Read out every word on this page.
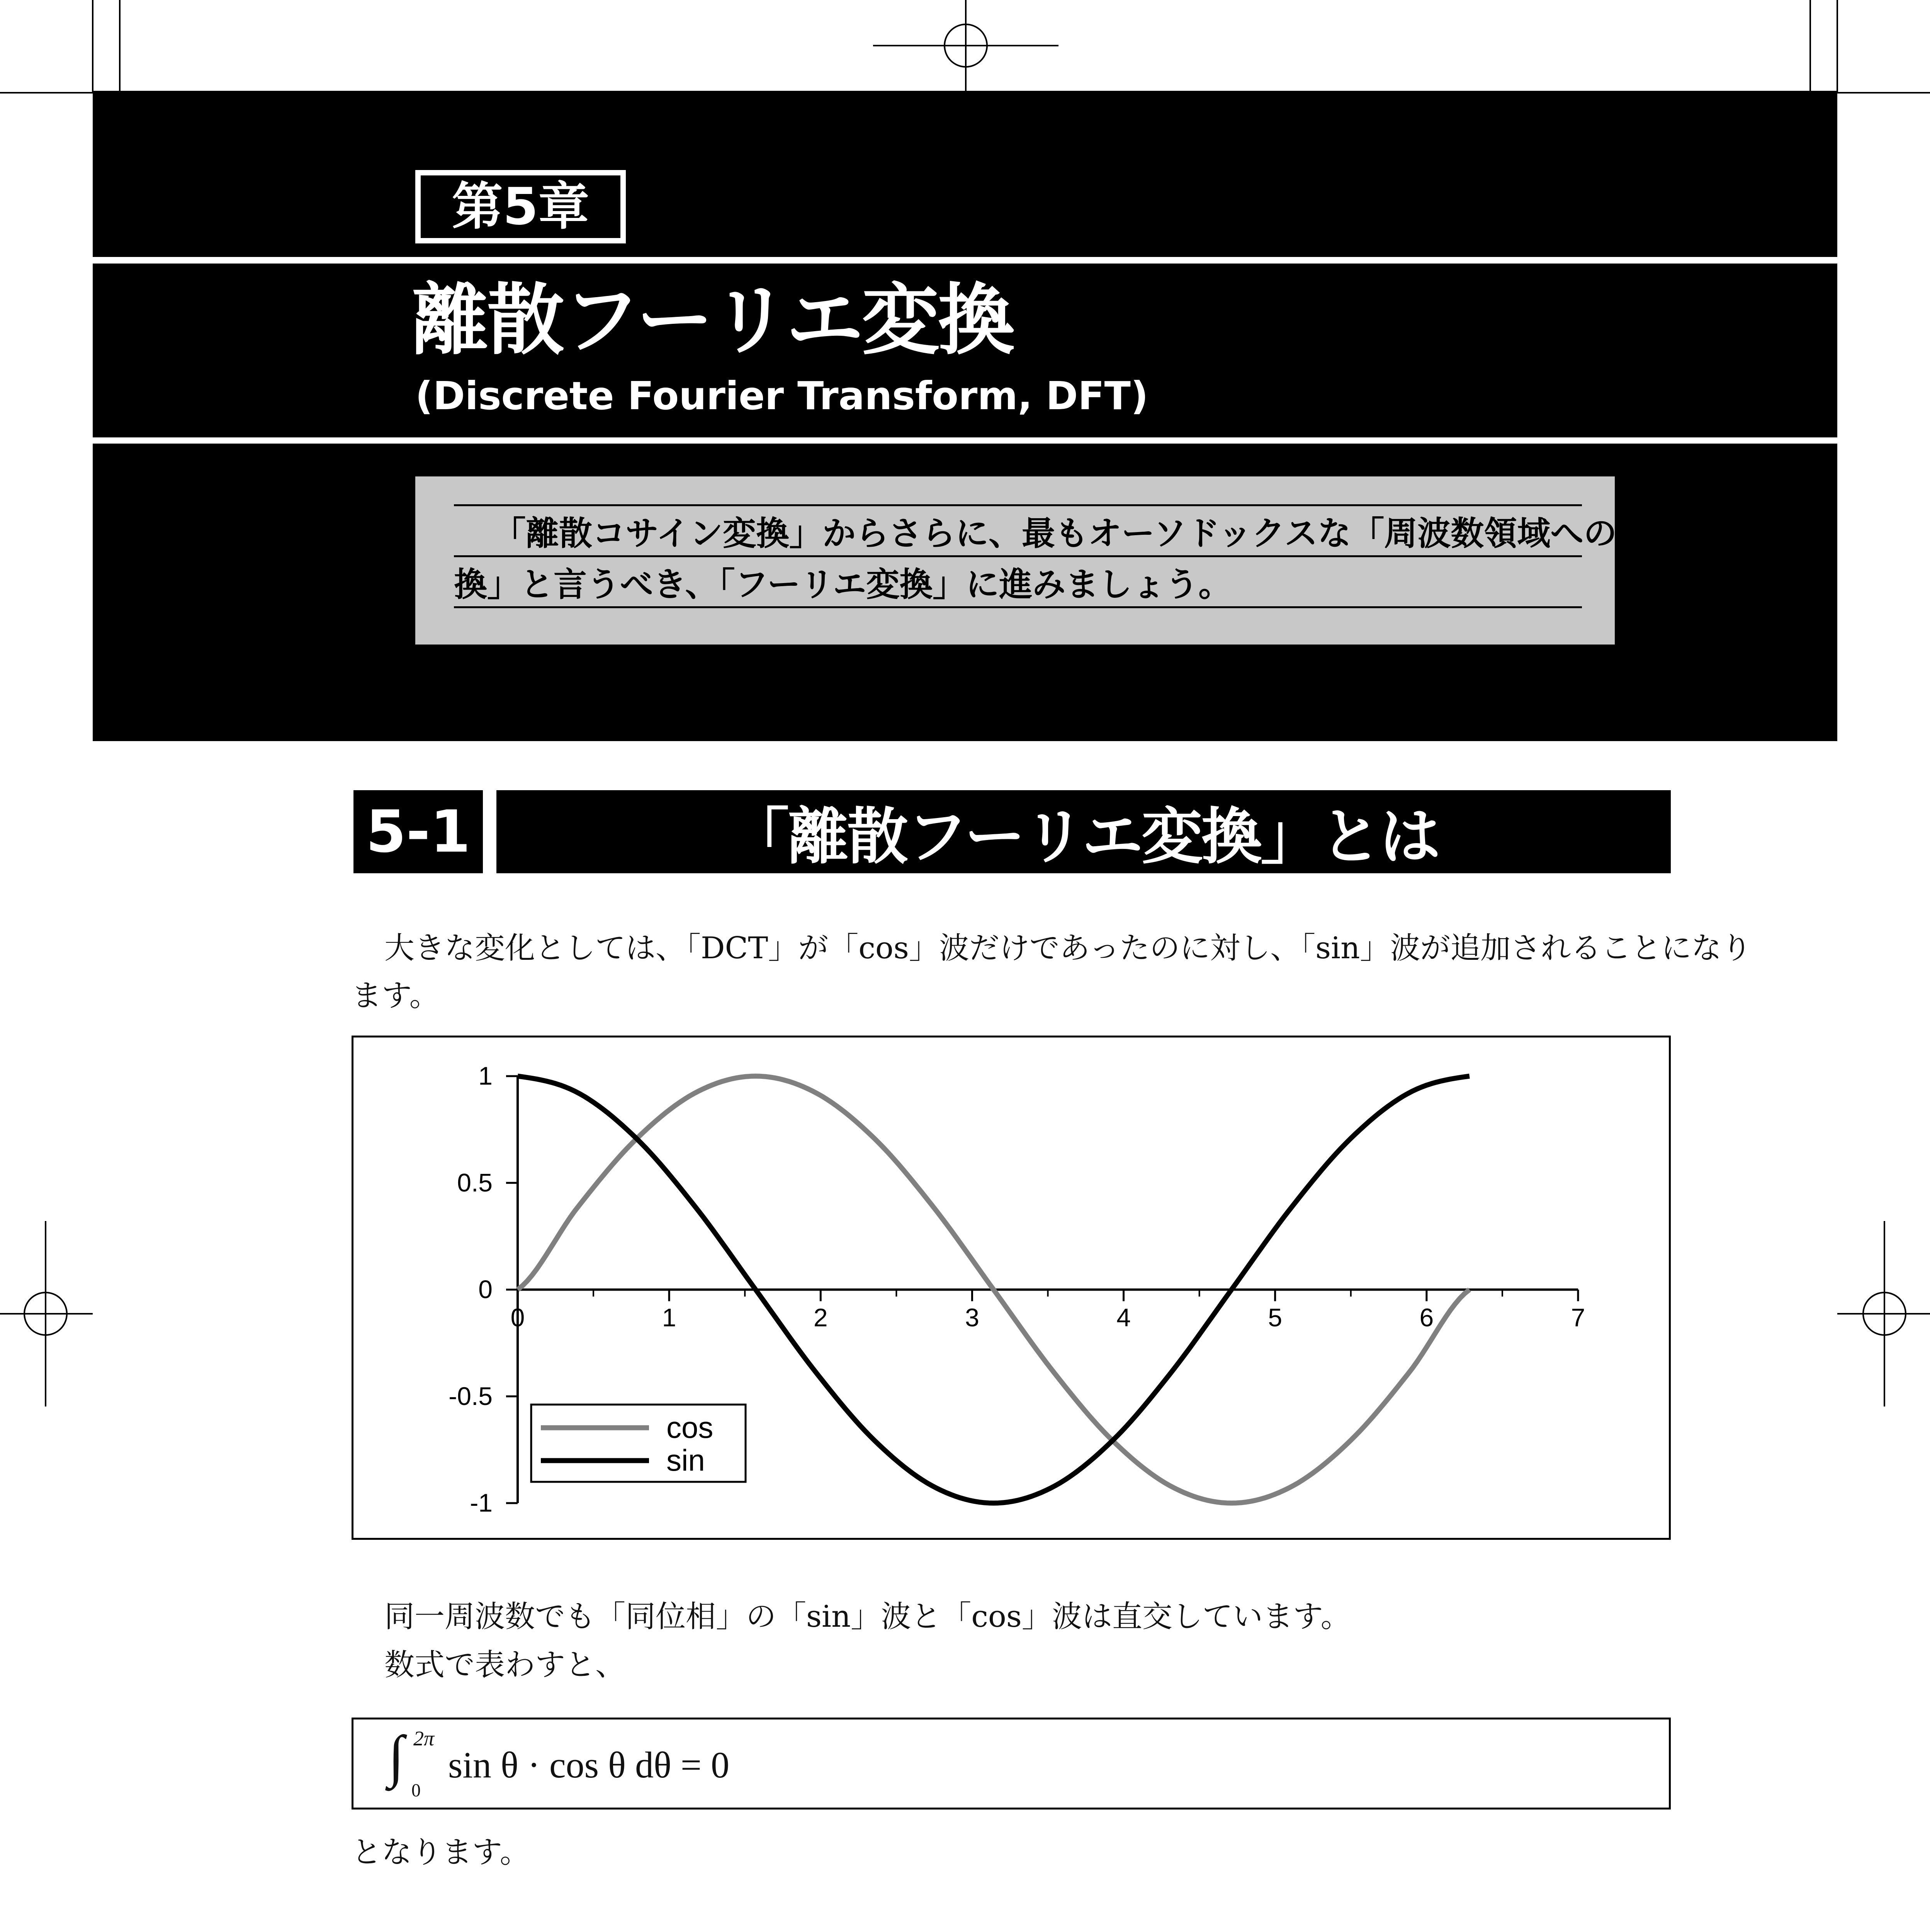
第5章
離散フーリエ変換
(Discrete Fourier Transform, DFT)
「離散コサイン変換」からさらに、最もオーソドックスな「周波数領域への変
換」と言うべき、「フーリエ変換」に進みましょう。
5-1	「離散フーリエ変換」とは
大きな変化としては、「DCT」が「cos」波だけであったのに対し、「sin」波が追加されることになり
ます。
0	1	2	3	4	5	6	7
1
0.5
0
-0.5
-1
cos
sin
同一周波数でも「同位相」の「sin」波と「cos」波は直交しています。
数式で表わすと、
∫ 2π
0
sin θ · cos θ dθ = 0
となります。
